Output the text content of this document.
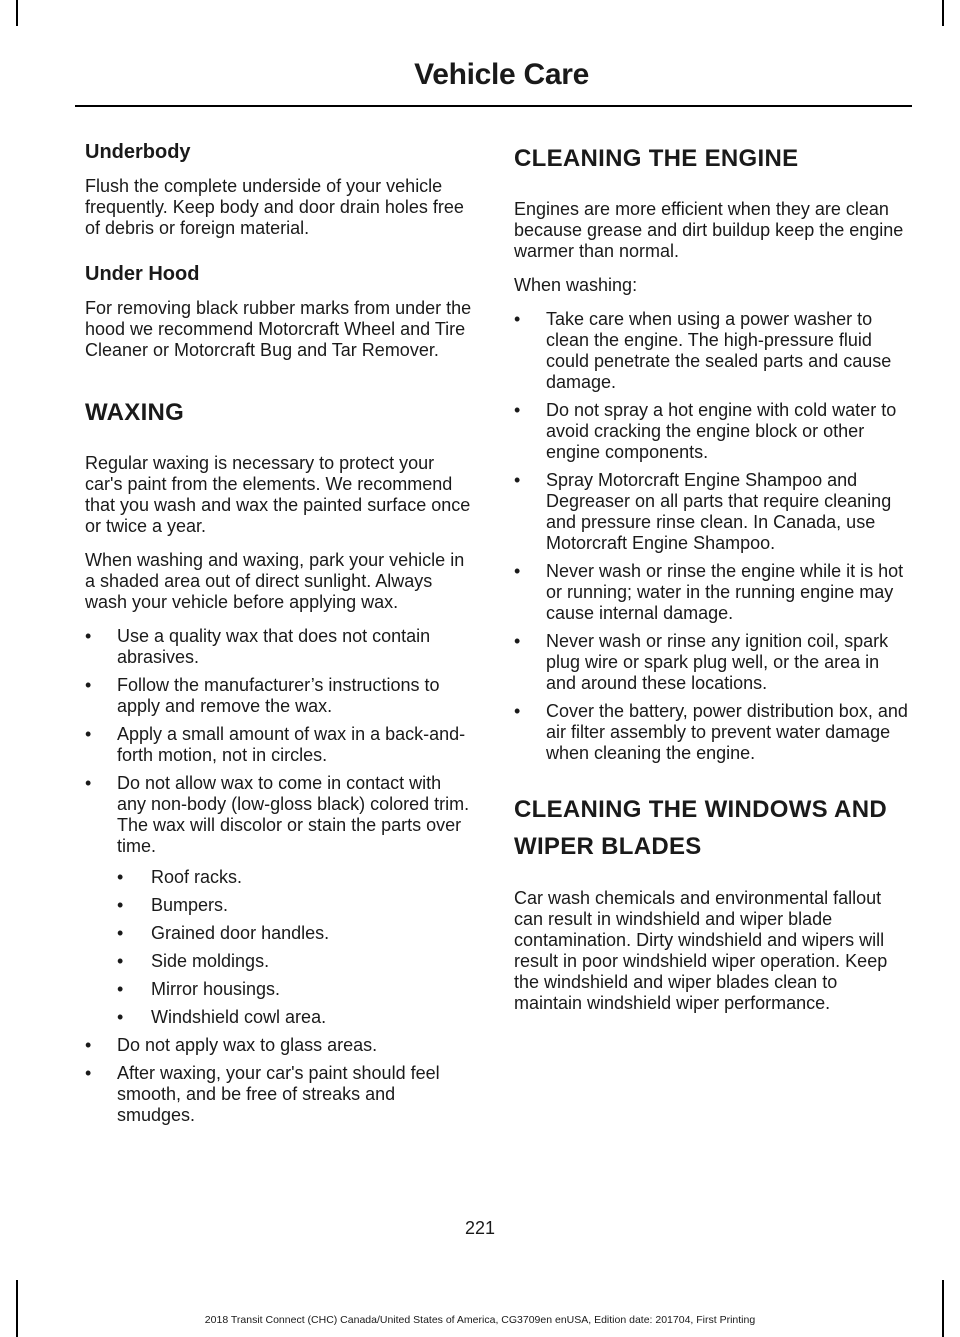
Vehicle Care
Underbody

Flush the complete underside of your vehicle frequently. Keep body and door drain holes free of debris or foreign material.

Under Hood

For removing black rubber marks from under the hood we recommend Motorcraft Wheel and Tire Cleaner or Motorcraft Bug and Tar Remover.

WAXING

Regular waxing is necessary to protect your car's paint from the elements. We recommend that you wash and wax the painted surface once or twice a year.

When washing and waxing, park your vehicle in a shaded area out of direct sunlight. Always wash your vehicle before applying wax.

• Use a quality wax that does not contain abrasives.
• Follow the manufacturer’s instructions to apply and remove the wax.
• Apply a small amount of wax in a back-and-forth motion, not in circles.
• Do not allow wax to come in contact with any non-body (low-gloss black) colored trim. The wax will discolor or stain the parts over time.
• Roof racks.
• Bumpers.
• Grained door handles.
• Side moldings.
• Mirror housings.
• Windshield cowl area.
• Do not apply wax to glass areas.
• After waxing, your car's paint should feel smooth, and be free of streaks and smudges.
CLEANING THE ENGINE

Engines are more efficient when they are clean because grease and dirt buildup keep the engine warmer than normal.

When washing:

• Take care when using a power washer to clean the engine. The high-pressure fluid could penetrate the sealed parts and cause damage.
• Do not spray a hot engine with cold water to avoid cracking the engine block or other engine components.
• Spray Motorcraft Engine Shampoo and Degreaser on all parts that require cleaning and pressure rinse clean. In Canada, use Motorcraft Engine Shampoo.
• Never wash or rinse the engine while it is hot or running; water in the running engine may cause internal damage.
• Never wash or rinse any ignition coil, spark plug wire or spark plug well, or the area in and around these locations.
• Cover the battery, power distribution box, and air filter assembly to prevent water damage when cleaning the engine.
CLEANING THE WINDOWS AND
WIPER BLADES

Car wash chemicals and environmental fallout can result in windshield and wiper blade contamination. Dirty windshield and wipers will result in poor windshield wiper operation. Keep the windshield and wiper blades clean to maintain windshield wiper performance.

221
2018 Transit Connect (CHC) Canada/United States of America, CG3709en enUSA, Edition date: 201704, First Printing
